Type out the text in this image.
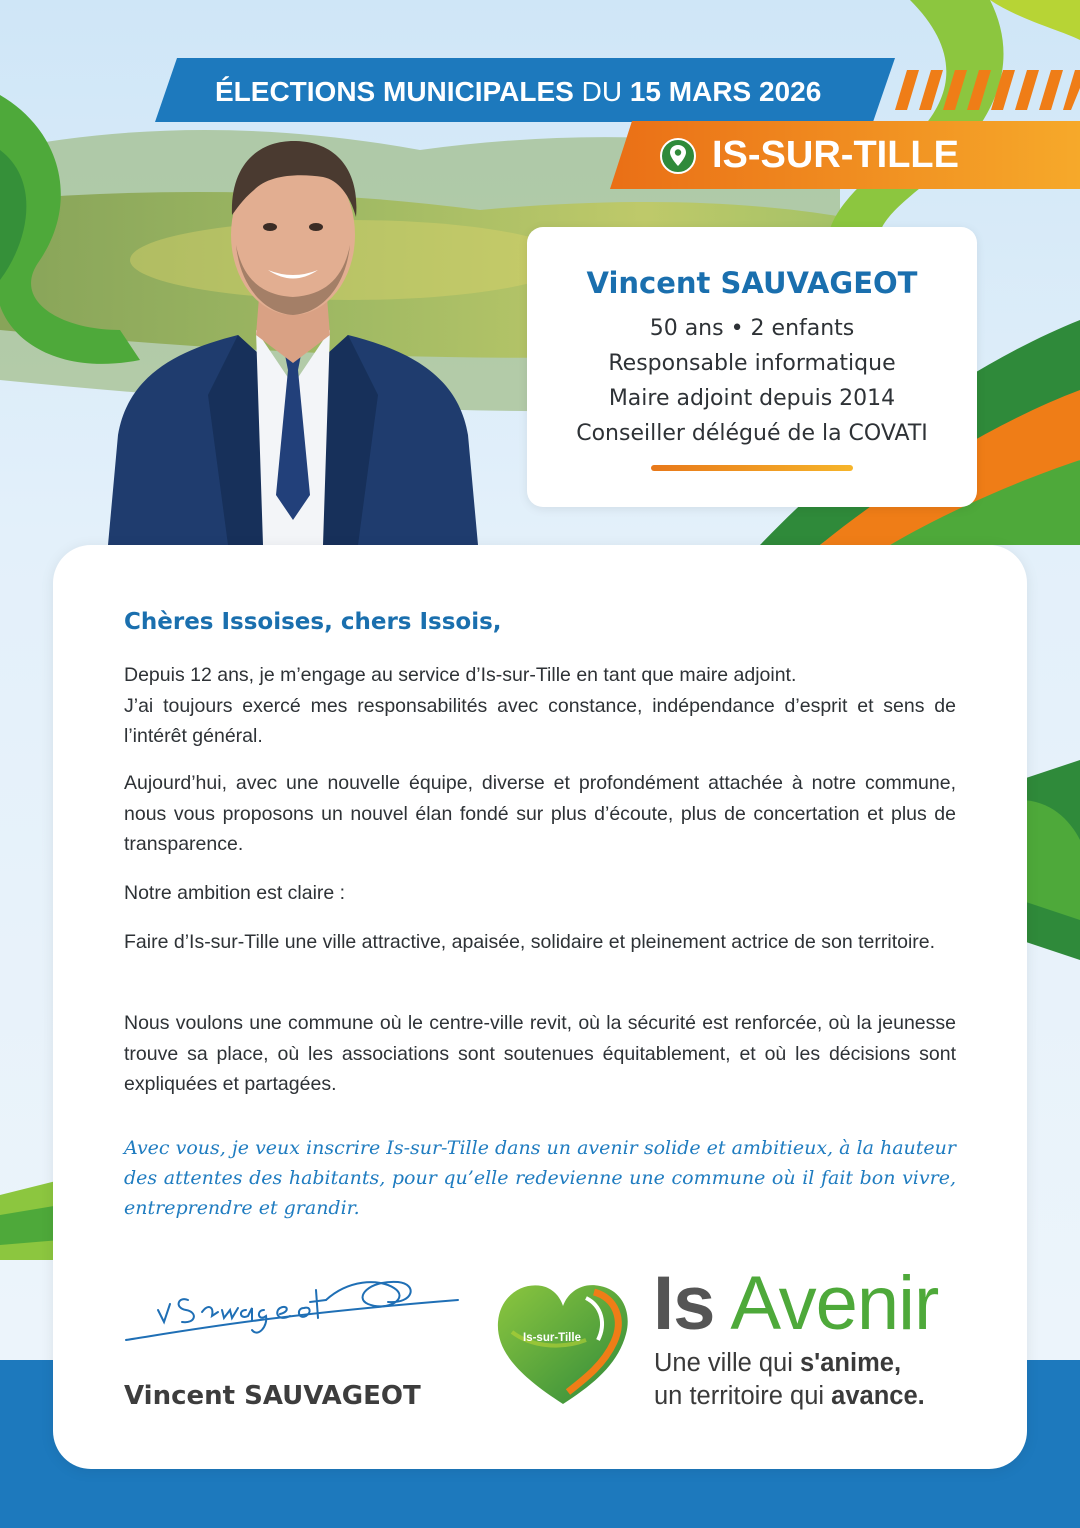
ÉLECTIONS MUNICIPALES DU 15 MARS 2026
IS-SUR-TILLE
Vincent SAUVAGEOT
50 ans • 2 enfants
Responsable informatique
Maire adjoint depuis 2014
Conseiller délégué de la COVATI
Chères Issoises, chers Issois,

Depuis 12 ans, je m’engage au service d’Is-sur-Tille en tant que maire adjoint.
J’ai toujours exercé mes responsabilités avec constance, indépendance d’esprit et sens de l’intérêt général.

Aujourd’hui, avec une nouvelle équipe, diverse et profondément attachée à notre commune, nous vous proposons un nouvel élan fondé sur plus d’écoute, plus de concertation et plus de transparence.

Notre ambition est claire :

Faire d’Is-sur-Tille une ville attractive, apaisée, solidaire et pleinement actrice de son territoire.

Nous voulons une commune où le centre-ville revit, où la sécurité est renforcée, où la jeunesse trouve sa place, où les associations sont soutenues équitablement, et où les décisions sont expliquées et partagées.

Avec vous, je veux inscrire Is-sur-Tille dans un avenir solide et ambitieux, à la hauteur des attentes des habitants, pour qu’elle redevienne une commune où il fait bon vivre, entreprendre et grandir.

Vincent SAUVAGEOT
Is-sur-Tille Is Avenir
Une ville qui s'anime,
un territoire qui avance.
